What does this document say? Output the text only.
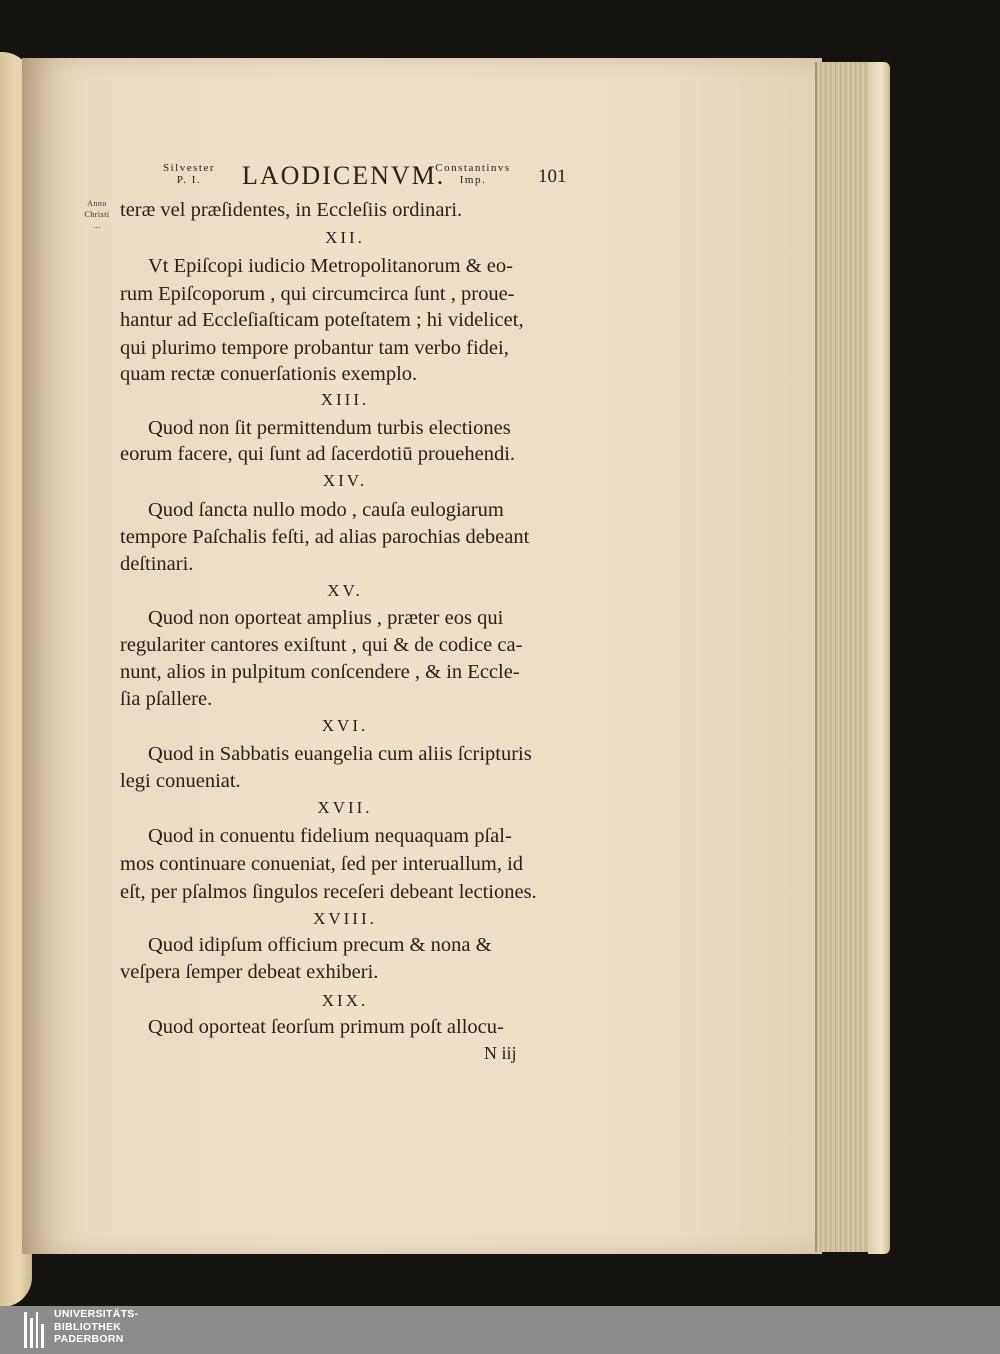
Silvester
P. I.	LAODICENVM.
Constantinvs
Imp.	101
Anno
Christi
...
teræ vel præſidentes, in Eccleſiis ordinari.
XII.
Vt Epiſcopi iudicio Metropolitanorum & eo-
rum Epiſcoporum , qui circumcirca ſunt , proue-
hantur ad Eccleſiaſticam poteſtatem ; hi videlicet,
qui plurimo tempore probantur tam verbo fidei,
quam rectæ conuerſationis exemplo.
XIII.
Quod non ſit permittendum turbis electiones
eorum facere, qui ſunt ad ſacerdotiū prouehendi.
XIV.
Quod ſancta nullo modo , cauſa eulogiarum
tempore Paſchalis feſti, ad alias parochias debeant
deſtinari.
XV.
Quod non oporteat amplius , præter eos qui
regulariter cantores exiſtunt , qui & de codice ca-
nunt, alios in pulpitum conſcendere , & in Eccle-
ſia pſallere.
XVI.
Quod in Sabbatis euangelia cum aliis ſcripturis
legi conueniat.
XVII.
Quod in conuentu fidelium nequaquam pſal-
mos continuare conueniat, ſed per interuallum, id
eſt, per pſalmos ſingulos receſeri debeant lectiones.
XVIII.
Quod idipſum officium precum & nona &
veſpera ſemper debeat exhiberi.
XIX.
Quod oporteat ſeorſum primum poſt allocu-
N iij
UNIVERSITÄTS-
BIBLIOTHEK
PADERBORN
